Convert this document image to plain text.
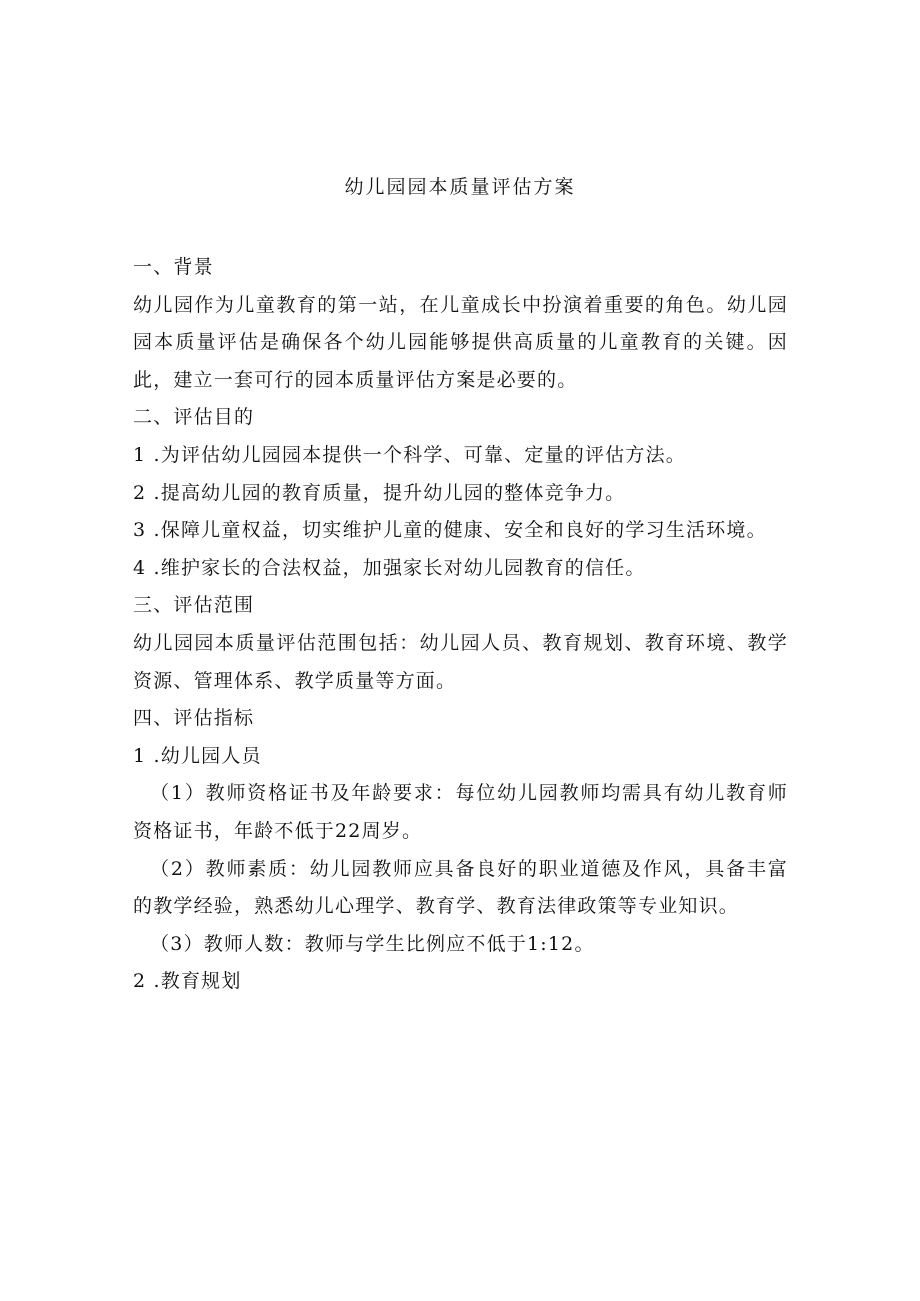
幼儿园园本质量评估方案

一、背景

幼儿园作为儿童教育的第一站，在儿童成长中扮演着重要的角色。幼儿园园本质量评估是确保各个幼儿园能够提供高质量的儿童教育的关键。因此，建立一套可行的园本质量评估方案是必要的。

二、评估目的

1 .为评估幼儿园园本提供一个科学、可靠、定量的评估方法。

2 .提高幼儿园的教育质量，提升幼儿园的整体竞争力。

3 .保障儿童权益，切实维护儿童的健康、安全和良好的学习生活环境。

4 .维护家长的合法权益，加强家长对幼儿园教育的信任。

三、评估范围

幼儿园园本质量评估范围包括：幼儿园人员、教育规划、教育环境、教学资源、管理体系、教学质量等方面。

四、评估指标

1 .幼儿园人员

（1）教师资格证书及年龄要求：每位幼儿园教师均需具有幼儿教育师资格证书，年龄不低于22周岁。

（2）教师素质：幼儿园教师应具备良好的职业道德及作风，具备丰富的教学经验，熟悉幼儿心理学、教育学、教育法律政策等专业知识。

（3）教师人数：教师与学生比例应不低于1:12。

2 .教育规划
